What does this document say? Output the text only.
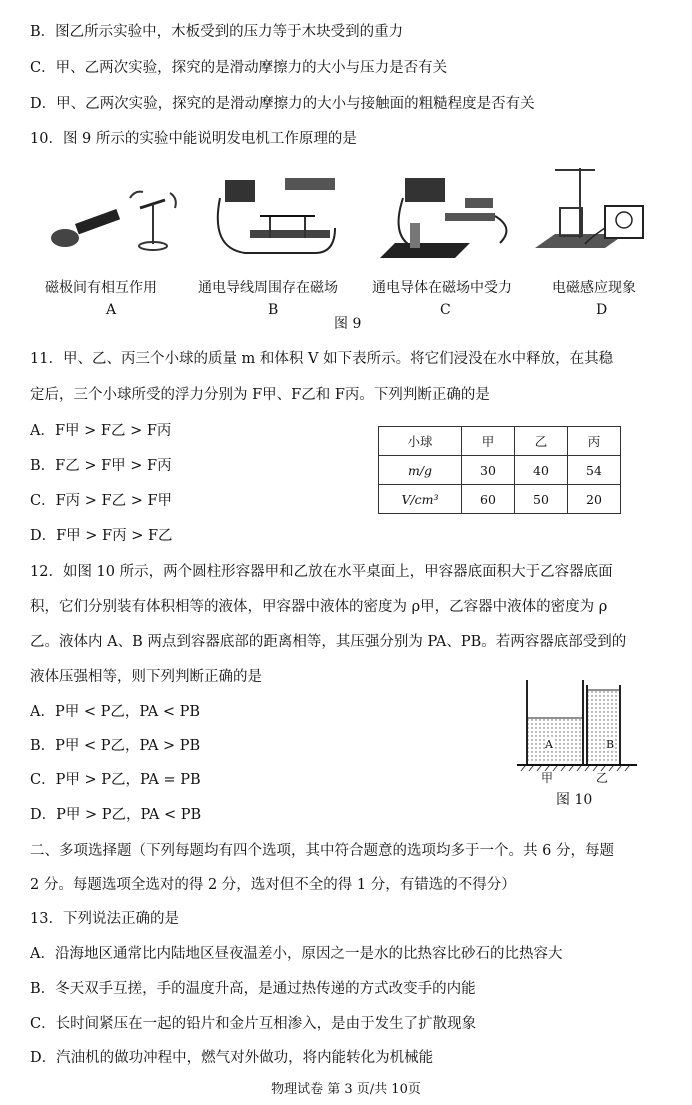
B．图乙所示实验中，木板受到的压力等于木块受到的重力
C．甲、乙两次实验，探究的是滑动摩擦力的大小与压力是否有关
D．甲、乙两次实验，探究的是滑动摩擦力的大小与接触面的粗糙程度是否有关
10．图 9 所示的实验中能说明发电机工作原理的是
磁极间有相互作用	通电导线周围存在磁场 通电导体在磁场中受力	电磁感应现象
A	B	C	D
图 9
11．甲、乙、丙三个小球的质量 m 和体积 V 如下表所示。将它们浸没在水中释放，在其稳
定后，三个小球所受的浮力分别为 F甲、F乙和 F丙。下列判断正确的是
A．F甲 > F乙 > F丙
B．F乙 > F甲 > F丙
C．F丙 > F乙 > F甲
D．F甲 > F丙 > F乙
小球	甲	乙	丙
m/g	30	40	54
V/cm³	60	50	20
12．如图 10 所示，两个圆柱形容器甲和乙放在水平桌面上，甲容器底面积大于乙容器底面
积，它们分别装有体积相等的液体，甲容器中液体的密度为 ρ甲，乙容器中液体的密度为 ρ
乙。液体内 A、B 两点到容器底部的距离相等，其压强分别为 PA、PB。若两容器底部受到的
液体压强相等，则下列判断正确的是
A．P甲 < P乙，PA < PB
B．P甲 < P乙，PA > PB
C．P甲 > P乙，PA = PB
D．P甲 > P乙，PA < PB
A	B
甲	乙
图 10
二、多项选择题（下列每题均有四个选项，其中符合题意的选项均多于一个。共 6 分，每题
2 分。每题选项全选对的得 2 分，选对但不全的得 1 分，有错选的不得分）
13．下列说法正确的是
A．沿海地区通常比内陆地区昼夜温差小，原因之一是水的比热容比砂石的比热容大
B．冬天双手互搓，手的温度升高，是通过热传递的方式改变手的内能
C．长时间紧压在一起的铅片和金片互相渗入，是由于发生了扩散现象
D．汽油机的做功冲程中，燃气对外做功，将内能转化为机械能
物理试卷 第 3 页/共 10页
